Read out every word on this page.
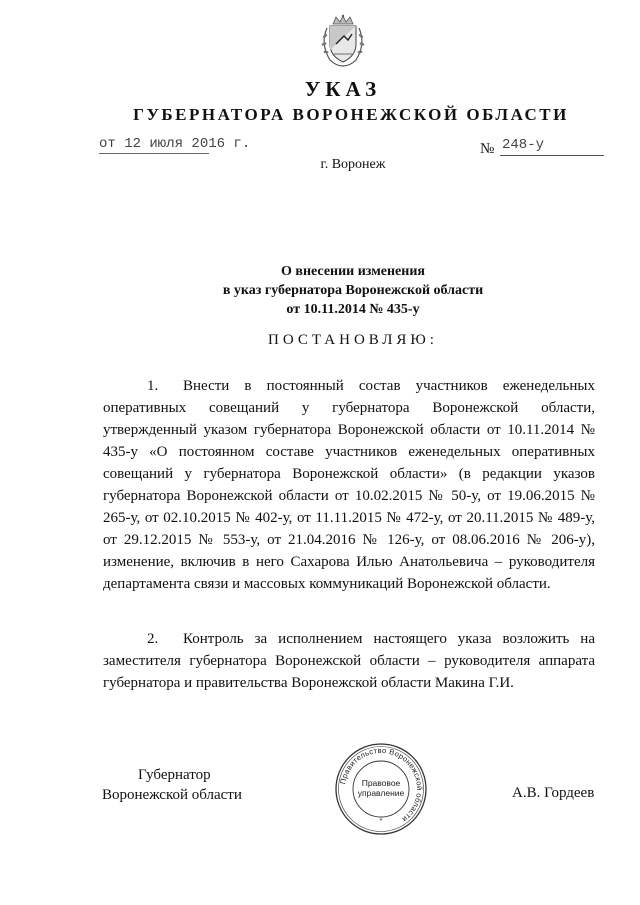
УКАЗ
ГУБЕРНАТОРА ВОРОНЕЖСКОЙ ОБЛАСТИ
от 12 июля 2016 г.	№ 248-у
г. Воронеж
О внесении изменения
в указ губернатора Воронежской области
от 10.11.2014 № 435-у
ПОСТАНОВЛЯЮ:
1. Внести в постоянный состав участников еженедельных оперативных совещаний у губернатора Воронежской области, утвержденный указом губернатора Воронежской области от 10.11.2014 № 435-у «О постоянном составе участников еженедельных оперативных совещаний у губернатора Воронежской области» (в редакции указов губернатора Воронежской области от 10.02.2015 № 50-у, от 19.06.2015 № 265-у, от 02.10.2015 № 402-у, от 11.11.2015 № 472-у, от 20.11.2015 № 489-у, от 29.12.2015 № 553-у, от 21.04.2016 № 126-у, от 08.06.2016 № 206-у), изменение, включив в него Сахарова Илью Анатольевича – руководителя департамента связи и массовых коммуникаций Воронежской области.
2. Контроль за исполнением настоящего указа возложить на заместителя губернатора Воронежской области – руководителя аппарата губернатора и правительства Воронежской области Макина Г.И.
Губернатор
Воронежской области
Правительство Воронежской области
Правовое
управление
*
А.В. Гордеев
